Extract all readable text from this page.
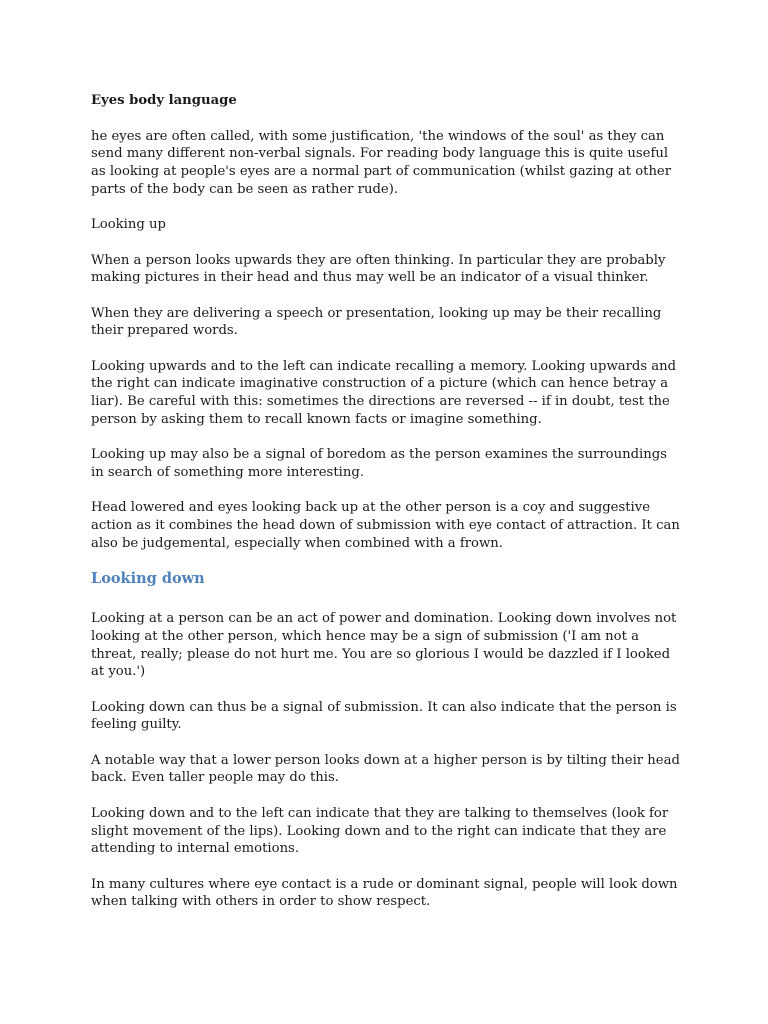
Eyes body language

he eyes are often called, with some justification, 'the windows of the soul' as they can send many different non-verbal signals. For reading body language this is quite useful as looking at people's eyes are a normal part of communication (whilst gazing at other parts of the body can be seen as rather rude).

Looking up

When a person looks upwards they are often thinking. In particular they are probably making pictures in their head and thus may well be an indicator of a visual thinker.

When they are delivering a speech or presentation, looking up may be their recalling their prepared words.

Looking upwards and to the left can indicate recalling a memory. Looking upwards and the right can indicate imaginative construction of a picture (which can hence betray a liar). Be careful with this: sometimes the directions are reversed -- if in doubt, test the person by asking them to recall known facts or imagine something.

Looking up may also be a signal of boredom as the person examines the surroundings in search of something more interesting.

Head lowered and eyes looking back up at the other person is a coy and suggestive action as it combines the head down of submission with eye contact of attraction. It can also be judgemental, especially when combined with a frown.

Looking down

Looking at a person can be an act of power and domination. Looking down involves not looking at the other person, which hence may be a sign of submission ('I am not a threat, really; please do not hurt me. You are so glorious I would be dazzled if I looked at you.')

Looking down can thus be a signal of submission. It can also indicate that the person is feeling guilty.

A notable way that a lower person looks down at a higher person is by tilting their head back. Even taller people may do this.

Looking down and to the left can indicate that they are talking to themselves (look for slight movement of the lips). Looking down and to the right can indicate that they are attending to internal emotions.

In many cultures where eye contact is a rude or dominant signal, people will look down when talking with others in order to show respect.
